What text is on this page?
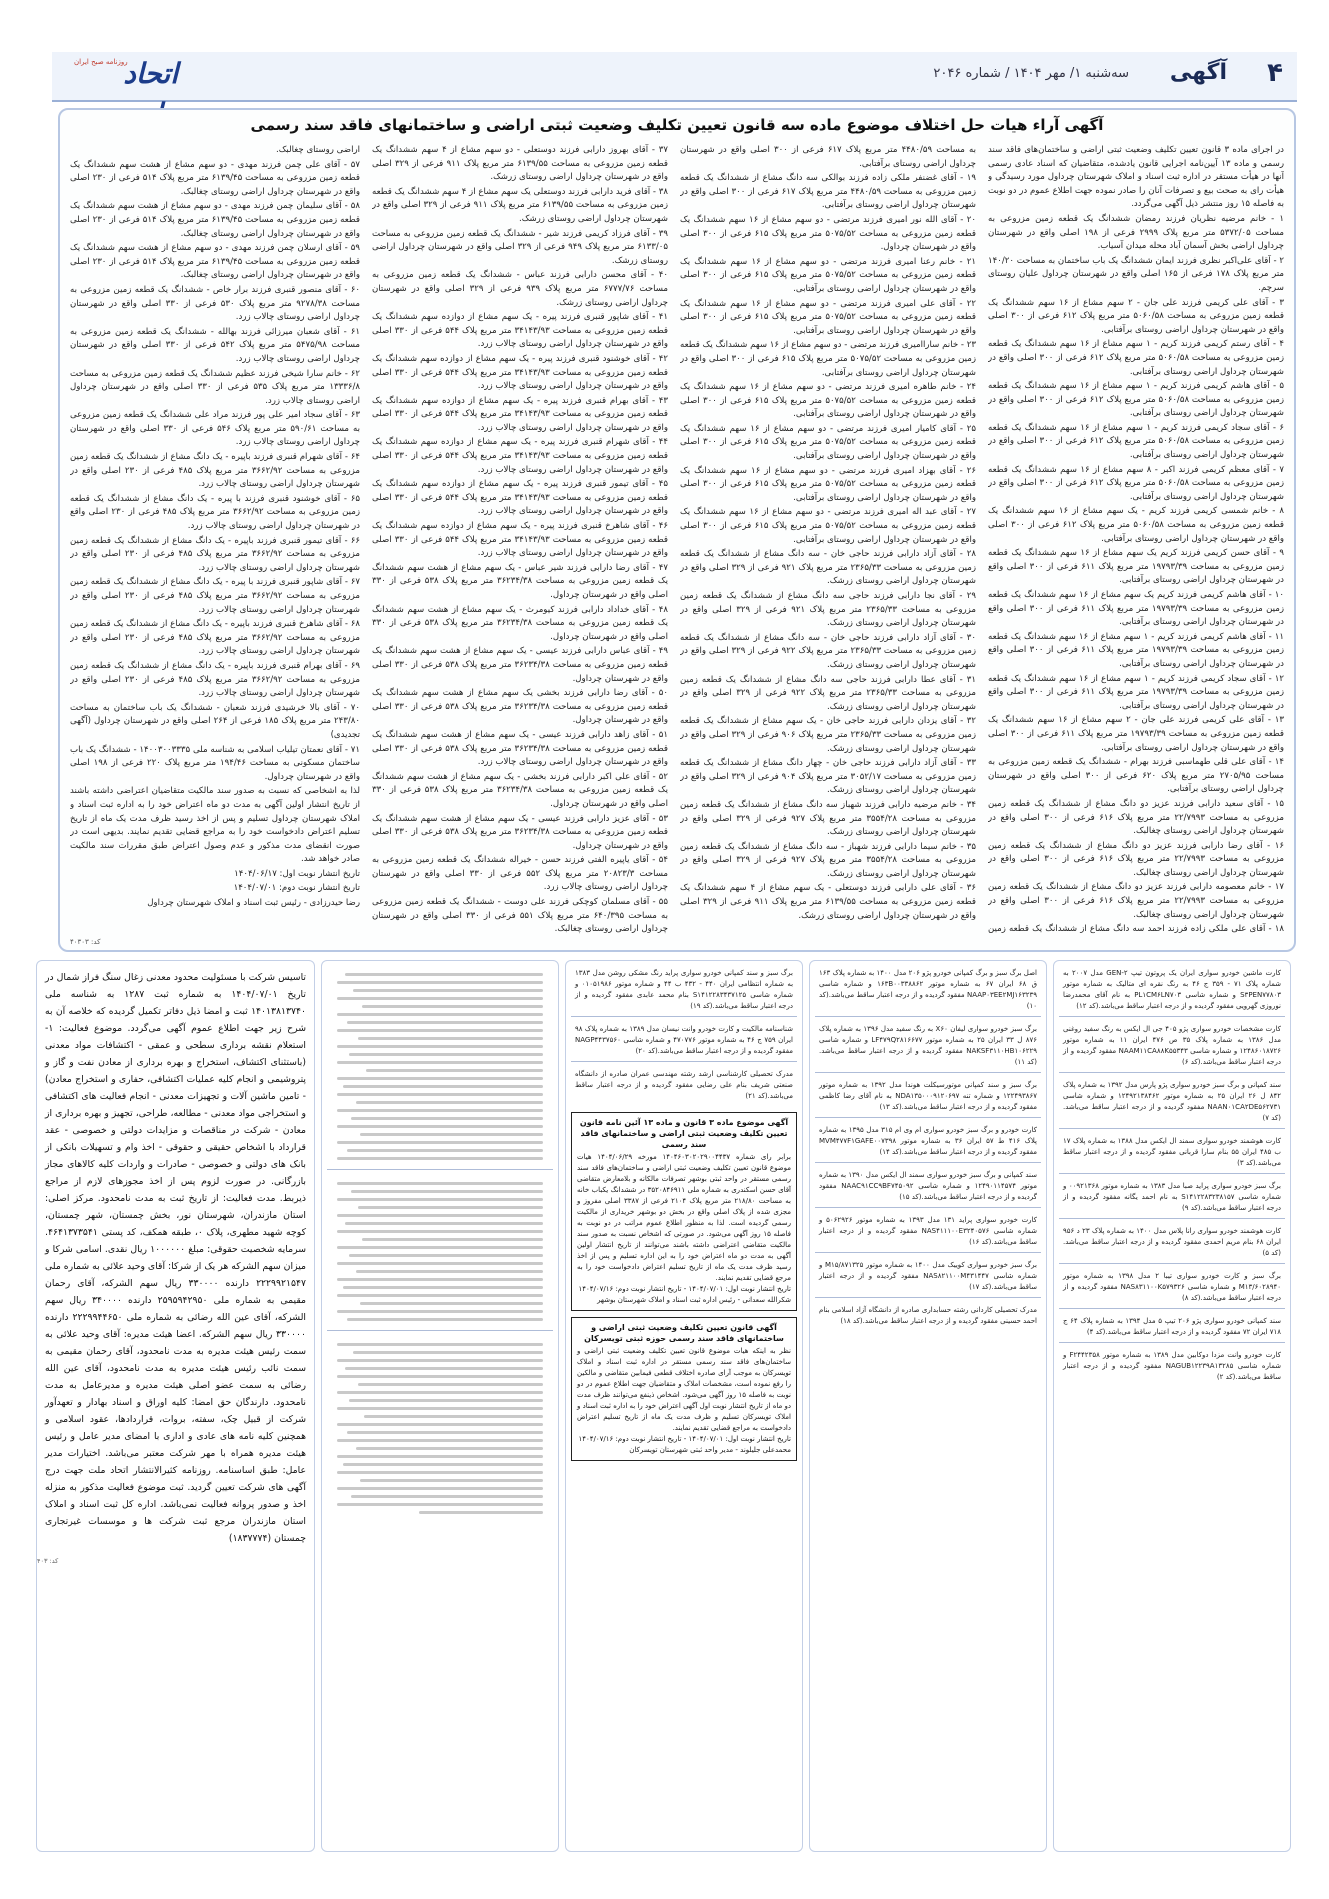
۴
آگهی
سه‌شنبه ۱/ مهر ۱۴۰۴ / شماره ۲۰۴۶
روزنامه صبح ایران
اتحاد
آگهی آراء هیات حل اختلاف موضوع ماده سه قانون تعیین تکلیف وضعیت ثبتی اراضی و ساختمانهای فاقد سند رسمی

در اجرای ماده ۳ قانون تعیین تکلیف وضعیت ثبتی اراضی و ساختمان‌های فاقد سند رسمی و ماده ۱۳ آیین‌نامه اجرایی قانون یادشده، متقاضیان که اسناد عادی رسمی آنها در هیأت مستقر در اداره ثبت اسناد و املاک شهرستان چرداول مورد رسیدگی و هیأت رای به صحت بیع و تصرفات آنان را صادر نموده جهت اطلاع عموم در دو نوبت به فاصله ۱۵ روز منتشر ذیل آگهی می‌گردد.

۱ - خانم مرضیه نظریان فرزند رمضان ششدانگ یک قطعه زمین مزروعی به مساحت ۵۳۷۲/۰۵ متر مربع پلاک ۲۹۹۹ فرعی از ۱۹۸ اصلی واقع در شهرستان چرداول اراضی بخش آسمان آباد محله میدان آسیاب.

۲ - آقای علی‌اکبر نظری فرزند ایمان ششدانگ یک باب ساختمان به مساحت ۱۴۰/۲۰ متر مربع پلاک ۱۷۸ فرعی از ۱۶۵ اصلی واقع در شهرستان چرداول علیان روستای سرچم.

۳ - آقای علی کریمی فرزند علی جان - ۲ سهم مشاع از ۱۶ سهم ششدانگ یک قطعه زمین مزروعی به مساحت ۵۰۶۰/۵۸ متر مربع پلاک ۶۱۲ فرعی از ۳۰۰ اصلی واقع در شهرستان چرداول اراضی روستای برآفتابی.

۴ - آقای رستم کریمی فرزند کریم - ۱ سهم مشاع از ۱۶ سهم ششدانگ یک قطعه زمین مزروعی به مساحت ۵۰۶۰/۵۸ متر مربع پلاک ۶۱۲ فرعی از ۳۰۰ اصلی واقع در شهرستان چرداول اراضی روستای برآفتابی.

۵ - آقای هاشم کریمی فرزند کریم - ۱ سهم مشاع از ۱۶ سهم ششدانگ یک قطعه زمین مزروعی به مساحت ۵۰۶۰/۵۸ متر مربع پلاک ۶۱۲ فرعی از ۳۰۰ اصلی واقع در شهرستان چرداول اراضی روستای برآفتابی.

۶ - آقای سجاد کریمی فرزند کریم - ۱ سهم مشاع از ۱۶ سهم ششدانگ یک قطعه زمین مزروعی به مساحت ۵۰۶۰/۵۸ متر مربع پلاک ۶۱۲ فرعی از ۳۰۰ اصلی واقع در شهرستان چرداول اراضی روستای برآفتابی.

۷ - آقای معظم کریمی فرزند اکبر - ۸ سهم مشاع از ۱۶ سهم ششدانگ یک قطعه زمین مزروعی به مساحت ۵۰۶۰/۵۸ متر مربع پلاک ۶۱۲ فرعی از ۳۰۰ اصلی واقع در شهرستان چرداول اراضی روستای برآفتابی.

۸ - خانم شمسی کریمی فرزند کریم - یک سهم مشاع از ۱۶ سهم ششدانگ یک قطعه زمین مزروعی به مساحت ۵۰۶۰/۵۸ متر مربع پلاک ۶۱۲ فرعی از ۳۰۰ اصلی واقع در شهرستان چرداول اراضی روستای برآفتابی.

۹ - آقای حسن کریمی فرزند کریم یک سهم مشاع از ۱۶ سهم ششدانگ یک قطعه زمین مزروعی به مساحت ۱۹۷۹۳/۳۹ متر مربع پلاک ۶۱۱ فرعی از ۳۰۰ اصلی واقع در شهرستان چرداول اراضی روستای برآفتابی.

۱۰ - آقای هاشم کریمی فرزند کریم یک سهم مشاع از ۱۶ سهم ششدانگ یک قطعه زمین مزروعی به مساحت ۱۹۷۹۳/۳۹ متر مربع پلاک ۶۱۱ فرعی از ۳۰۰ اصلی واقع در شهرستان چرداول اراضی روستای برآفتابی.

۱۱ - آقای هاشم کریمی فرزند کریم - ۱ سهم مشاع از ۱۶ سهم ششدانگ یک قطعه زمین مزروعی به مساحت ۱۹۷۹۳/۳۹ متر مربع پلاک ۶۱۱ فرعی از ۳۰۰ اصلی واقع در شهرستان چرداول اراضی روستای برآفتابی.

۱۲ - آقای سجاد کریمی فرزند کریم - ۱ سهم مشاع از ۱۶ سهم ششدانگ یک قطعه زمین مزروعی به مساحت ۱۹۷۹۳/۳۹ متر مربع پلاک ۶۱۱ فرعی از ۳۰۰ اصلی واقع در شهرستان چرداول اراضی روستای برآفتابی.

۱۳ - آقای علی کریمی فرزند علی جان - ۲ سهم مشاع از ۱۶ سهم ششدانگ یک قطعه زمین مزروعی به مساحت ۱۹۷۹۳/۳۹ متر مربع پلاک ۶۱۱ فرعی از ۳۰۰ اصلی واقع در شهرستان چرداول اراضی روستای برآفتابی.

۱۴ - آقای علی قلی طهماسبی فرزند بهرام - ششدانگ یک قطعه زمین مزروعی به مساحت ۲۷۰۵/۹۵ متر مربع پلاک ۶۲۰ فرعی از ۳۰۰ اصلی واقع در شهرستان چرداول اراضی روستای برآفتابی.

۱۵ - آقای سعید دارابی فرزند عزیز دو دانگ مشاع از ششدانگ یک قطعه زمین مزروعی به مساحت ۲۲/۷۹۹۳ متر مربع پلاک ۶۱۶ فرعی از ۳۰۰ اصلی واقع در شهرستان چرداول اراضی روستای چغالبک.

۱۶ - آقای رضا دارابی فرزند عزیز دو دانگ مشاع از ششدانگ یک قطعه زمین مزروعی به مساحت ۲۲/۷۹۹۳ متر مربع پلاک ۶۱۶ فرعی از ۳۰۰ اصلی واقع در شهرستان چرداول اراضی روستای چغالبک.

۱۷ - خانم معصومه دارابی فرزند عزیز دو دانگ مشاع از ششدانگ یک قطعه زمین مزروعی به مساحت ۲۲/۷۹۹۳ متر مربع پلاک ۶۱۶ فرعی از ۳۰۰ اصلی واقع در شهرستان چرداول اراضی روستای چغالبک.

۱۸ - آقای علی ملکی زاده فرزند احمد سه دانگ مشاع از ششدانگ یک قطعه زمین

به مساحت ۴۴۸۰/۵۹ متر مربع پلاک ۶۱۷ فرعی از ۳۰۰ اصلی واقع در شهرستان چرداول اراضی روستای برآفتابی.

۱۹ - آقای غضنفر ملکی زاده فرزند بوالکی سه دانگ مشاع از ششدانگ یک قطعه زمین مزروعی به مساحت ۴۴۸۰/۵۹ متر مربع پلاک ۶۱۷ فرعی از ۳۰۰ اصلی واقع در شهرستان چرداول اراضی روستای برآفتابی.

۲۰ - آقای الله نور امیری فرزند مرتضی - دو سهم مشاع از ۱۶ سهم ششدانگ یک قطعه زمین مزروعی به مساحت ۵۰۷۵/۵۲ متر مربع پلاک ۶۱۵ فرعی از ۳۰۰ اصلی واقع در شهرستان چرداول.

۲۱ - خانم رعنا امیری فرزند مرتضی - دو سهم مشاع از ۱۶ سهم ششدانگ یک قطعه زمین مزروعی به مساحت ۵۰۷۵/۵۲ متر مربع پلاک ۶۱۵ فرعی از ۳۰۰ اصلی واقع در شهرستان چرداول اراضی روستای برآفتابی.

۲۲ - آقای علی امیری فرزند مرتضی - دو سهم مشاع از ۱۶ سهم ششدانگ یک قطعه زمین مزروعی به مساحت ۵۰۷۵/۵۲ متر مربع پلاک ۶۱۵ فرعی از ۳۰۰ اصلی واقع در شهرستان چرداول اراضی روستای برآفتابی.

۲۳ - خانم ساراامیری فرزند مرتضی - دو سهم مشاع از ۱۶ سهم ششدانگ یک قطعه زمین مزروعی به مساحت ۵۰۷۵/۵۲ متر مربع پلاک ۶۱۵ فرعی از ۳۰۰ اصلی واقع در شهرستان چرداول اراضی روستای برآفتابی.

۲۴ - خانم طاهره امیری فرزند مرتضی - دو سهم مشاع از ۱۶ سهم ششدانگ یک قطعه زمین مزروعی به مساحت ۵۰۷۵/۵۲ متر مربع پلاک ۶۱۵ فرعی از ۳۰۰ اصلی واقع در شهرستان چرداول اراضی روستای برآفتابی.

۲۵ - آقای کامیار امیری فرزند مرتضی - دو سهم مشاع از ۱۶ سهم ششدانگ یک قطعه زمین مزروعی به مساحت ۵۰۷۵/۵۲ متر مربع پلاک ۶۱۵ فرعی از ۳۰۰ اصلی واقع در شهرستان چرداول اراضی روستای برآفتابی.

۲۶ - آقای بهزاد امیری فرزند مرتضی - دو سهم مشاع از ۱۶ سهم ششدانگ یک قطعه زمین مزروعی به مساحت ۵۰۷۵/۵۲ متر مربع پلاک ۶۱۵ فرعی از ۳۰۰ اصلی واقع در شهرستان چرداول اراضی روستای برآفتابی.

۲۷ - آقای عبد اله امیری فرزند مرتضی - دو سهم مشاع از ۱۶ سهم ششدانگ یک قطعه زمین مزروعی به مساحت ۵۰۷۵/۵۲ متر مربع پلاک ۶۱۵ فرعی از ۳۰۰ اصلی واقع در شهرستان چرداول اراضی روستای برآفتابی.

۲۸ - آقای آزاد دارابی فرزند حاجی خان - سه دانگ مشاع از ششدانگ یک قطعه زمین مزروعی به مساحت ۲۳۶۵/۳۳ متر مربع پلاک ۹۲۱ فرعی از ۳۲۹ اصلی واقع در شهرستان چرداول اراضی روستای زرشک.

۲۹ - آقای نجا دارابی فرزند حاجی سه دانگ مشاع از ششدانگ یک قطعه زمین مزروعی به مساحت ۲۳۶۵/۳۳ متر مربع پلاک ۹۲۱ فرعی از ۳۲۹ اصلی واقع در شهرستان چرداول اراضی روستای زرشک.

۳۰ - آقای آزاد دارابی فرزند حاجی خان - سه دانگ مشاع از ششدانگ یک قطعه زمین مزروعی به مساحت ۲۳۶۵/۳۳ متر مربع پلاک ۹۲۲ فرعی از ۳۲۹ اصلی واقع در شهرستان چرداول اراضی روستای زرشک.

۳۱ - آقای عطا دارابی فرزند حاجی سه دانگ مشاع از ششدانگ یک قطعه زمین مزروعی به مساحت ۲۳۶۵/۳۳ متر مربع پلاک ۹۲۲ فرعی از ۳۲۹ اصلی واقع در شهرستان چرداول اراضی روستای زرشک.

۳۲ - آقای یزدان دارابی فرزند حاجی خان - یک سهم مشاع از ششدانگ یک قطعه زمین مزروعی به مساحت ۲۳۶۵/۳۳ متر مربع پلاک ۹۰۶ فرعی از ۳۲۹ اصلی واقع در شهرستان چرداول اراضی روستای زرشک.

۳۳ - آقای آزاد دارابی فرزند حاجی خان - چهار دانگ مشاع از ششدانگ یک قطعه زمین مزروعی به مساحت ۳۰۵۲/۱۷ متر مربع پلاک ۹۰۴ فرعی از ۳۲۹ اصلی واقع در شهرستان چرداول اراضی روستای زرشک.

۳۴ - خانم مرضیه دارابی فرزند شهباز سه دانگ مشاع از ششدانگ یک قطعه زمین مزروعی به مساحت ۳۵۵۴/۲۸ متر مربع پلاک ۹۲۷ فرعی از ۳۲۹ اصلی واقع در شهرستان چرداول اراضی روستای زرشک.

۳۵ - خانم سیما دارابی فرزند شهباز - سه دانگ مشاع از ششدانگ یک قطعه زمین مزروعی به مساحت ۳۵۵۴/۲۸ متر مربع پلاک ۹۲۷ فرعی از ۳۲۹ اصلی واقع در شهرستان چرداول اراضی روستای زرشک.

۳۶ - آقای علی دارابی فرزند دوستعلی - یک سهم مشاع از ۴ سهم ششدانگ یک قطعه زمین مزروعی به مساحت ۶۱۳۹/۵۵ متر مربع پلاک ۹۱۱ فرعی از ۳۲۹ اصلی واقع در شهرستان چرداول اراضی روستای زرشک.

۳۷ - آقای بهروز دارابی فرزند دوستعلی - دو سهم مشاع از ۴ سهم ششدانگ یک قطعه زمین مزروعی به مساحت ۶۱۳۹/۵۵ متر مربع پلاک ۹۱۱ فرعی از ۳۲۹ اصلی واقع در شهرستان چرداول اراضی روستای زرشک.

۳۸ - آقای فرید دارابی فرزند دوستعلی یک سهم مشاع از ۴ سهم ششدانگ یک قطعه زمین مزروعی به مساحت ۶۱۳۹/۵۵ متر مربع پلاک ۹۱۱ فرعی از ۳۲۹ اصلی واقع در شهرستان چرداول اراضی روستای زرشک.

۳۹ - آقای فرزاد کریمی فرزند شیر - ششدانگ یک قطعه زمین مزروعی به مساحت ۶۱۳۳/۰۵ متر مربع پلاک ۹۴۹ فرعی از ۳۲۹ اصلی واقع در شهرستان چرداول اراضی روستای زرشک.

۴۰ - آقای محسن دارابی فرزند عباس - ششدانگ یک قطعه زمین مزروعی به مساحت ۶۷۷۷/۷۶ متر مربع پلاک ۹۳۹ فرعی از ۳۲۹ اصلی واقع در شهرستان چرداول اراضی روستای زرشک.

۴۱ - آقای شاپور قنبری فرزند پیره - یک سهم مشاع از دوازده سهم ششدانگ یک قطعه زمین مزروعی به مساحت ۳۴۱۴۳/۹۳ متر مربع پلاک ۵۴۴ فرعی از ۳۳۰ اصلی واقع در شهرستان چرداول اراضی روستای چالاب زرد.

۴۲ - آقای خوشنود قنبری فرزند پیره - یک سهم مشاع از دوازده سهم ششدانگ یک قطعه زمین مزروعی به مساحت ۳۴۱۴۳/۹۳ متر مربع پلاک ۵۴۴ فرعی از ۳۳۰ اصلی واقع در شهرستان چرداول اراضی روستای چالاب زرد.

۴۳ - آقای بهرام قنبری فرزند پیره - یک سهم مشاع از دوازده سهم ششدانگ یک قطعه زمین مزروعی به مساحت ۳۴۱۴۳/۹۳ متر مربع پلاک ۵۴۴ فرعی از ۳۳۰ اصلی واقع در شهرستان چرداول اراضی روستای چالاب زرد.

۴۴ - آقای شهرام قنبری فرزند پیره - یک سهم مشاع از دوازده سهم ششدانگ یک قطعه زمین مزروعی به مساحت ۳۴۱۴۳/۹۳ متر مربع پلاک ۵۴۴ فرعی از ۳۳۰ اصلی واقع در شهرستان چرداول اراضی روستای چالاب زرد.

۴۵ - آقای تیمور قنبری فرزند پیره - یک سهم مشاع از دوازده سهم ششدانگ یک قطعه زمین مزروعی به مساحت ۳۴۱۴۳/۹۳ متر مربع پلاک ۵۴۴ فرعی از ۳۳۰ اصلی واقع در شهرستان چرداول اراضی روستای چالاب زرد.

۴۶ - آقای شاهرخ قنبری فرزند پیره - یک سهم مشاع از دوازده سهم ششدانگ یک قطعه زمین مزروعی به مساحت ۳۴۱۴۳/۹۳ متر مربع پلاک ۵۴۴ فرعی از ۳۳۰ اصلی واقع در شهرستان چرداول اراضی روستای چالاب زرد.

۴۷ - آقای رضا دارابی فرزند شیر عباس - یک سهم مشاع از هشت سهم ششدانگ یک قطعه زمین مزروعی به مساحت ۳۶۲۳۴/۳۸ متر مربع پلاک ۵۳۸ فرعی از ۳۳۰ اصلی واقع در شهرستان چرداول.

۴۸ - آقای خداداد دارابی فرزند کیومرث - یک سهم مشاع از هشت سهم ششدانگ یک قطعه زمین مزروعی به مساحت ۳۶۲۳۴/۳۸ متر مربع پلاک ۵۳۸ فرعی از ۳۳۰ اصلی واقع در شهرستان چرداول.

۴۹ - آقای عباس دارابی فرزند عیسی - یک سهم مشاع از هشت سهم ششدانگ یک قطعه زمین مزروعی به مساحت ۳۶۲۳۴/۳۸ متر مربع پلاک ۵۳۸ فرعی از ۳۳۰ اصلی واقع در شهرستان چرداول.

۵۰ - آقای رضا دارابی فرزند بخشی یک سهم مشاع از هشت سهم ششدانگ یک قطعه زمین مزروعی به مساحت ۳۶۲۳۴/۳۸ متر مربع پلاک ۵۳۸ فرعی از ۳۳۰ اصلی واقع در شهرستان چرداول.

۵۱ - آقای زاهد دارابی فرزند عیسی - یک سهم مشاع از هشت سهم ششدانگ یک قطعه زمین مزروعی به مساحت ۳۶۲۳۴/۳۸ متر مربع پلاک ۵۳۸ فرعی از ۳۳۰ اصلی واقع در شهرستان چرداول اراضی روستای چالاب زرد.

۵۲ - آقای علی اکبر دارابی فرزند بخشی - یک سهم مشاع از هشت سهم ششدانگ یک قطعه زمین مزروعی به مساحت ۳۶۲۳۴/۳۸ متر مربع پلاک ۵۳۸ فرعی از ۳۳۰ اصلی واقع در شهرستان چرداول.

۵۳ - آقای عزیز دارابی فرزند عیسی - یک سهم مشاع از هشت سهم ششدانگ یک قطعه زمین مزروعی به مساحت ۳۶۲۳۴/۳۸ متر مربع پلاک ۵۳۸ فرعی از ۳۳۰ اصلی واقع در شهرستان چرداول.

۵۴ - آقای یاپیره الفتی فرزند حسن - خیراله ششدانگ یک قطعه زمین مزروعی به مساحت ۲۰۸۲۳/۳ متر مربع پلاک ۵۵۲ فرعی از ۳۳۰ اصلی واقع در شهرستان چرداول اراضی روستای چالاب زرد.

۵۵ - آقای مسلمان کوچکی فرزند علی دوست - ششدانگ یک قطعه زمین مزروعی به مساحت ۶۴۰/۳۹۵ متر مربع پلاک ۵۵۱ فرعی از ۳۳۰ اصلی واقع در شهرستان چرداول اراضی روستای چغالبک.

اراضی روستای چغالبک.

۵۷ - آقای علی چمن فرزند مهدی - دو سهم مشاع از هشت سهم ششدانگ یک قطعه زمین مزروعی به مساحت ۶۱۳۹/۴۵ متر مربع پلاک ۵۱۴ فرعی از ۲۳۰ اصلی واقع در شهرستان چرداول اراضی روستای چغالبک.

۵۸ - آقای سلیمان چمن فرزند مهدی - دو سهم مشاع از هشت سهم ششدانگ یک قطعه زمین مزروعی به مساحت ۶۱۳۹/۴۵ متر مربع پلاک ۵۱۴ فرعی از ۲۳۰ اصلی واقع در شهرستان چرداول اراضی روستای چغالبک.

۵۹ - آقای ارسلان چمن فرزند مهدی - دو سهم مشاع از هشت سهم ششدانگ یک قطعه زمین مزروعی به مساحت ۶۱۳۹/۴۵ متر مربع پلاک ۵۱۴ فرعی از ۲۳۰ اصلی واقع در شهرستان چرداول اراضی روستای چغالبک.

۶۰ - آقای منصور قنبری فرزند برار خاص - ششدانگ یک قطعه زمین مزروعی به مساحت ۹۲۷۸/۳۸ متر مربع پلاک ۵۳۰ فرعی از ۳۳۰ اصلی واقع در شهرستان چرداول اراضی روستای چالاب زرد.

۶۱ - آقای شعبان میرزائی فرزند بهالله - ششدانگ یک قطعه زمین مزروعی به مساحت ۵۴۷۵/۹۸ متر مربع پلاک ۵۴۲ فرعی از ۳۳۰ اصلی واقع در شهرستان چرداول اراضی روستای چالاب زرد.

۶۲ - خانم سارا شیخی فرزند عظیم ششدانگ یک قطعه زمین مزروعی به مساحت ۱۳۳۳۶/۸ متر مربع پلاک ۵۳۵ فرعی از ۳۳۰ اصلی واقع در شهرستان چرداول اراضی روستای چالاب زرد.

۶۳ - آقای سجاد امیر علی پور فرزند مراد علی ششدانگ یک قطعه زمین مزروعی به مساحت ۵۹۰/۶۱ متر مربع پلاک ۵۴۶ فرعی از ۳۳۰ اصلی واقع در شهرستان چرداول اراضی روستای چالاب زرد.

۶۴ - آقای شهرام قنبری فرزند باپیره - یک دانگ مشاع از ششدانگ یک قطعه زمین مزروعی به مساحت ۳۶۶۲/۹۲ متر مربع پلاک ۴۸۵ فرعی از ۲۳۰ اصلی واقع در شهرستان چرداول اراضی روستای چالاب زرد.

۶۵ - آقای خوشنود قنبری فرزند با پیره - یک دانگ مشاع از ششدانگ یک قطعه زمین مزروعی به مساحت ۳۶۶۲/۹۲ متر مربع پلاک ۴۸۵ فرعی از ۲۳۰ اصلی واقع در شهرستان چرداول اراضی روستای چالاب زرد.

۶۶ - آقای تیمور قنبری فرزند باپیره - یک دانگ مشاع از ششدانگ یک قطعه زمین مزروعی به مساحت ۳۶۶۲/۹۲ متر مربع پلاک ۴۸۵ فرعی از ۲۳۰ اصلی واقع در شهرستان چرداول اراضی روستای چالاب زرد.

۶۷ - آقای شاپور قنبری فرزند با پیره - یک دانگ مشاع از ششدانگ یک قطعه زمین مزروعی به مساحت ۳۶۶۲/۹۲ متر مربع پلاک ۴۸۵ فرعی از ۲۳۰ اصلی واقع در شهرستان چرداول اراضی روستای چالاب زرد.

۶۸ - آقای شاهرخ قنبری فرزند باپیره - یک دانگ مشاع از ششدانگ یک قطعه زمین مزروعی به مساحت ۳۶۶۲/۹۲ متر مربع پلاک ۴۸۵ فرعی از ۲۳۰ اصلی واقع در شهرستان چرداول اراضی روستای چالاب زرد.

۶۹ - آقای بهرام قنبری فرزند باپیره - یک دانگ مشاع از ششدانگ یک قطعه زمین مزروعی به مساحت ۳۶۶۲/۹۲ متر مربع پلاک ۴۸۵ فرعی از ۲۳۰ اصلی واقع در شهرستان چرداول اراضی روستای چالاب زرد.

۷۰ - آقای بالا خرشیدی فرزند شعبان - ششدانگ یک باب ساختمان به مساحت ۲۴۳/۸۰ متر مربع پلاک ۱۸۵ فرعی از ۲۶۴ اصلی واقع در شهرستان چرداول (آگهی تجدیدی)

۷۱ - آقای نعمتان تیلیاب اسلامی به شناسه ملی ۱۴۰۰۳۰۰۳۳۳۵ - ششدانگ یک باب ساختمان مسکونی به مساحت ۱۹۴/۴۶ متر مربع پلاک ۲۲۰ فرعی از ۱۹۸ اصلی واقع در شهرستان چرداول.

لذا به اشخاصی که نسبت به صدور سند مالکیت متقاضیان اعتراضی داشته باشند از تاریخ انتشار اولین آگهی به مدت دو ماه اعتراض خود را به اداره ثبت اسناد و املاک شهرستان چرداول تسلیم و پس از اخذ رسید ظرف مدت یک ماه از تاریخ تسلیم اعتراض دادخواست خود را به مراجع قضایی تقدیم نمایند. بدیهی است در صورت انقضای مدت مذکور و عدم وصول اعتراض طبق مقررات سند مالکیت صادر خواهد شد.

تاریخ انتشار نوبت اول: ۱۴۰۴/۰۶/۱۷

تاریخ انتشار نوبت دوم: ۱۴۰۴/۰۷/۰۱

رضا حیدرزادی - رئیس ثبت اسناد و املاک شهرستان چرداول

کد: ۴۰۳۰۳
کارت ماشین خودرو سواری ایران یک پروتون تیپ GEN-۲ مدل ۲۰۰۷ به شماره پلاک ۷۱ - ۳۵۹ ج ۴۶ به رنگ نقره ای متالیک به شماره موتور S۳PEN۷۷۸۰۳ و شماره شاسی PL۱CM۶LN۷۰۳ به نام آقای محمدرضا نوروزی گهرویی مفقود گردیده و از درجه اعتبار ساقط می‌باشد.(کد ۱۲)
کارت مشخصات خودرو سواری پژو ۴۰۵ جی ال ایکس به رنگ سفید روغنی مدل ۱۳۸۶ به شماره پلاک ۳۵ ص ۴۷۶ ایران ۱۱ به شماره موتور ۱۲۴۸۶۰۱۸۷۲۶ و شماره شاسی NAAM۱۱CA۸۸K۵۵۳۴۳ مفقود گردیده و از درجه اعتبار ساقط می‌باشد.(کد ۶)
سند کمپانی و برگ سبز خودرو سواری پژو پارس مدل ۱۳۹۲ به شماره پلاک ۸۴۲ ل ۲۶ ایران ۲۵ به شماره موتور ۱۲۴۹۲۱۳۸۴۶۲ و شماره شاسی NAAN۰۱CA۲DE۵۶۲۷۳۱ مفقود گردیده و از درجه اعتبار ساقط می‌باشد.(کد ۷)
کارت هوشمند خودرو سواری سمند ال ایکس مدل ۱۳۸۸ به شماره پلاک ۱۷ ب ۴۸۵ ایران ۵۵ بنام سارا قربانی مفقود گردیده و از درجه اعتبار ساقط می‌باشد.(کد ۳)
برگ سبز خودرو سواری پراید صبا مدل ۱۳۸۳ به شماره موتور ۰۰۹۲۱۳۶۸ و شماره شاسی S۱۴۱۲۲۸۳۲۳۸۱۵۷ به نام احمد یگانه مفقود گردیده و از درجه اعتبار ساقط می‌باشد.(کد ۹)
کارت هوشمند خودرو سواری رانا پلاس مدل ۱۴۰۰ به شماره پلاک ۲۳ د ۹۵۶ ایران ۶۸ بنام مریم احمدی مفقود گردیده و از درجه اعتبار ساقط می‌باشد.(کد ۵)
برگ سبز و کارت خودرو سواری تیبا ۲ مدل ۱۳۹۸ به شماره موتور M۱۳/۶۰۲۸۹۴۰ و شماره شاسی NAS۸۳۱۱۰۰K۵۷۹۳۲۶ مفقود گردیده و از درجه اعتبار ساقط می‌باشد.(کد ۸)
سند کمپانی خودرو سواری پژو ۲۰۶ تیپ ۵ مدل ۱۳۹۴ به شماره پلاک ۶۴ ج ۷۱۸ ایران ۷۲ مفقود گردیده و از درجه اعتبار ساقط می‌باشد.(کد ۴)
کارت خودرو وانت مزدا دوکابین مدل ۱۳۸۹ به شماره موتور F۲۴۴۲۳۵۸ و شماره شاسی NAGUB۱۲۲۳۹A۱۳۲۸۵ مفقود گردیده و از درجه اعتبار ساقط می‌باشد.(کد ۲)
اصل برگ سبز و برگ کمپانی خودرو پژو ۲۰۶ مدل ۱۴۰۰ به شماره پلاک ۱۶۳ ق ۶۸ ایران ۶۷ به شماره موتور ۱۶۳B۰۰۳۳۸۸۶۲ و شماره شاسی NAAP۰۳EE۲MJ۱۶۳۲۳۹ مفقود گردیده و از درجه اعتبار ساقط می‌باشد.(کد ۱۰)
برگ سبز خودرو سواری لیفان X۶۰ به رنگ سفید مدل ۱۳۹۶ به شماره پلاک ۸۷۶ ل ۳۳ ایران ۲۵ به شماره موتور LF۴۷۹Q۲۸۱۶۶۷۷ و شماره شاسی NAKSF۳۱۱۰HB۱۰۶۲۲۹ مفقود گردیده و از درجه اعتبار ساقط می‌باشد.(کد ۱۱)
برگ سبز و سند کمپانی موتورسیکلت هوندا مدل ۱۳۹۲ به شماره موتور ۱۲۲۴۹۳۸۶۷ و شماره تنه NDA۱۳۵۰۰۰۹۱۲۰۶۹۷ به نام آقای رضا کاظمی مفقود گردیده و از درجه اعتبار ساقط می‌باشد.(کد ۱۳)
کارت خودرو و برگ سبز خودرو سواری ام وی ام ۳۱۵ مدل ۱۳۹۵ به شماره پلاک ۴۱۶ ط ۵۷ ایران ۳۶ به شماره موتور MVM۴۷۷F۱GAFE۰۰۷۳۹۸ مفقود گردیده و از درجه اعتبار ساقط می‌باشد.(کد ۱۴)
سند کمپانی و برگ سبز خودرو سواری سمند ال ایکس مدل ۱۳۹۰ به شماره موتور ۱۲۴۹۰۱۱۴۵۷۴ و شماره شاسی NAAC۹۱CC۹BF۷۴۵۰۹۲ مفقود گردیده و از درجه اعتبار ساقط می‌باشد.(کد ۱۵)
کارت خودرو سواری پراید ۱۳۱ مدل ۱۳۹۳ به شماره موتور ۵۰۶۲۹۲۶ و شماره شاسی NAS۴۱۱۱۰۰E۳۲۴۰۵۷۶ مفقود گردیده و از درجه اعتبار ساقط می‌باشد.(کد ۱۶)
برگ سبز خودرو سواری کوییک مدل ۱۴۰۰ به شماره موتور M۱۵/۸۷۱۳۲۵ و شماره شاسی NAS۸۲۱۱۰۰M۴۳۱۴۴۷ مفقود گردیده و از درجه اعتبار ساقط می‌باشد.(کد ۱۷)
مدرک تحصیلی کاردانی رشته حسابداری صادره از دانشگاه آزاد اسلامی بنام احمد حسینی مفقود گردیده و از درجه اعتبار ساقط می‌باشد.(کد ۱۸)
برگ سبز و سند کمپانی خودرو سواری پراید رنگ مشکی روشن مدل ۱۳۸۳ به شماره انتظامی ایران ۴۴۰ - ۴۳۲ ب ۴۴ و شماره موتور ۰۱۰۵۱۹۸۶ و شماره شاسی S۱۴۱۲۲۸۳۴۳۷۱۲۵ بنام محمد عابدی مفقود گردیده و از درجه اعتبار ساقط می‌باشد.(کد ۱۹)
شناسنامه مالکیت و کارت خودرو وانت نیسان مدل ۱۳۸۹ به شماره پلاک ۹۸ ایران ۷۵۹ ج ۴۶ به شماره موتور ۴۷۰۷۷۶ و شماره شاسی NAGP۴۴۳۷۵۶۰ مفقود گردیده و از درجه اعتبار ساقط می‌باشد.(کد ۲۰)
مدرک تحصیلی کارشناسی ارشد رشته مهندسی عمران صادره از دانشگاه صنعتی شریف بنام علی رضایی مفقود گردیده و از درجه اعتبار ساقط می‌باشد.(کد ۲۱)
آگهی موضوع ماده ۳ قانون و ماده ۱۳ آئین نامه قانون تعیین تکلیف وضعیت ثبتی اراضی و ساختمانهای فاقد سند رسمی
برابر رای شماره ۱۴۰۴۶۰۳۰۲۰۲۹۰۰۴۴۳۷ مورخه ۱۴۰۴/۰۶/۲۹ هیات موضوع قانون تعیین تکلیف وضعیت ثبتی اراضی و ساختمان‌های فاقد سند رسمی مستقر در واحد ثبتی بوشهر تصرفات مالکانه و بلامعارض متقاضی آقای حسن اسکندری به شماره ملی ۳۵۲۰۸۴۶۹۱۱ در ششدانگ یکباب خانه به مساحت ۲۱۸/۸۰ متر مربع پلاک ۲۱۰۴ فرعی از ۳۳۸۷ اصلی مفروز و مجزی شده از پلاک اصلی واقع در بخش دو بوشهر خریداری از مالکیت رسمی گردیده است. لذا به منظور اطلاع عموم مراتب در دو نوبت به فاصله ۱۵ روز آگهی می‌شود. در صورتی که اشخاص نسبت به صدور سند مالکیت متقاضی اعتراضی داشته باشند می‌توانند از تاریخ انتشار اولین آگهی به مدت دو ماه اعتراض خود را به این اداره تسلیم و پس از اخذ رسید ظرف مدت یک ماه از تاریخ تسلیم اعتراض دادخواست خود را به مرجع قضایی تقدیم نمایند.
تاریخ انتشار نوبت اول: ۱۴۰۴/۰۷/۰۱ - تاریخ انتشار نوبت دوم: ۱۴۰۴/۰۷/۱۶
شکرالله سعدانی - رئیس اداره ثبت اسناد و املاک شهرستان بوشهر
آگهی قانون تعیین تکلیف وضعیت ثبتی اراضی و ساختمانهای فاقد سند رسمی حوزه ثبتی تویسرکان
نظر به اینکه هیات موضوع قانون تعیین تکلیف وضعیت ثبتی اراضی و ساختمان‌های فاقد سند رسمی مستقر در اداره ثبت اسناد و املاک تویسرکان به موجب آرای صادره اختلاف قطعی فیمابین متقاضی و مالکین را رفع نموده است، مشخصات املاک و متقاضیان جهت اطلاع عموم در دو نوبت به فاصله ۱۵ روز آگهی می‌شود. اشخاص ذینفع می‌توانند ظرف مدت دو ماه از تاریخ انتشار نوبت اول آگهی اعتراض خود را به اداره ثبت اسناد و املاک تویسرکان تسلیم و ظرف مدت یک ماه از تاریخ تسلیم اعتراض دادخواست به مراجع قضایی تقدیم نمایند.
تاریخ انتشار نوبت اول: ۱۴۰۴/۰۷/۰۱ - تاریخ انتشار نوبت دوم: ۱۴۰۴/۰۷/۱۶
محمدعلی جلیلوند - مدیر واحد ثبتی شهرستان تویسرکان

تاسیس شرکت با مسئولیت محدود معدنی زغال سنگ فراز شمال در تاریخ ۱۴۰۴/۰۷/۰۱ به شماره ثبت ۱۲۸۷ به شناسه ملی ۱۴۰۱۳۸۱۳۷۴۰ ثبت و امضا ذیل دفاتر تکمیل گردیده که خلاصه آن به شرح زیر جهت اطلاع عموم آگهی می‌گردد. موضوع فعالیت: ۱- استعلام نقشه برداری سطحی و عمقی - اکتشافات مواد معدنی (باستثنای اکتشاف، استخراج و بهره برداری از معادن نفت و گاز و پتروشیمی و انجام کلیه عملیات اکتشافی، حفاری و استخراج معادن) - تامین ماشین آلات و تجهیزات معدنی - انجام فعالیت های اکتشافی و استخراجی مواد معدنی - مطالعه، طراحی، تجهیز و بهره برداری از معادن - شرکت در مناقصات و مزایدات دولتی و خصوصی - عقد قرارداد با اشخاص حقیقی و حقوقی - اخذ وام و تسهیلات بانکی از بانک های دولتی و خصوصی - صادرات و واردات کلیه کالاهای مجاز بازرگانی. در صورت لزوم پس از اخذ مجوزهای لازم از مراجع ذیربط. مدت فعالیت: از تاریخ ثبت به مدت نامحدود. مرکز اصلی: استان مازندران، شهرستان نور، بخش چمستان، شهر چمستان، کوچه شهید مطهری، پلاک ۰، طبقه همکف، کد پستی ۴۶۴۱۳۷۳۵۴۱. سرمایه شخصیت حقوقی: مبلغ ۱۰۰۰۰۰۰ ریال نقدی. اسامی شرکا و میزان سهم الشرکه هر یک از شرکا: آقای وحید علائی به شماره ملی ۲۲۲۹۹۲۱۵۴۷ دارنده ۳۳۰۰۰۰ ریال سهم الشرکه، آقای رحمان مقیمی به شماره ملی ۲۵۹۵۹۴۲۹۵۰ دارنده ۳۴۰۰۰۰ ریال سهم الشرکه، آقای عین الله رضائی به شماره ملی ۲۲۲۹۹۴۴۶۵۰ دارنده ۳۳۰۰۰۰ ریال سهم الشرکه. اعضا هیئت مدیره: آقای وحید علائی به سمت رئیس هیئت مدیره به مدت نامحدود، آقای رحمان مقیمی به سمت نائب رئیس هیئت مدیره به مدت نامحدود، آقای عین الله رضائی به سمت عضو اصلی هیئت مدیره و مدیرعامل به مدت نامحدود. دارندگان حق امضا: کلیه اوراق و اسناد بهادار و تعهدآور شرکت از قبیل چک، سفته، بروات، قراردادها، عقود اسلامی و همچنین کلیه نامه های عادی و اداری با امضای مدیر عامل و رئیس هیئت مدیره همراه با مهر شرکت معتبر می‌باشد. اختیارات مدیر عامل: طبق اساسنامه. روزنامه کثیرالانتشار اتحاد ملت جهت درج آگهی های شرکت تعیین گردید. ثبت موضوع فعالیت مذکور به منزله اخذ و صدور پروانه فعالیت نمی‌باشد. اداره کل ثبت اسناد و املاک استان مازندران مرجع ثبت شرکت ها و موسسات غیرتجاری چمستان (۱۸۳۷۷۷۴)

کد: ۴۰۳
